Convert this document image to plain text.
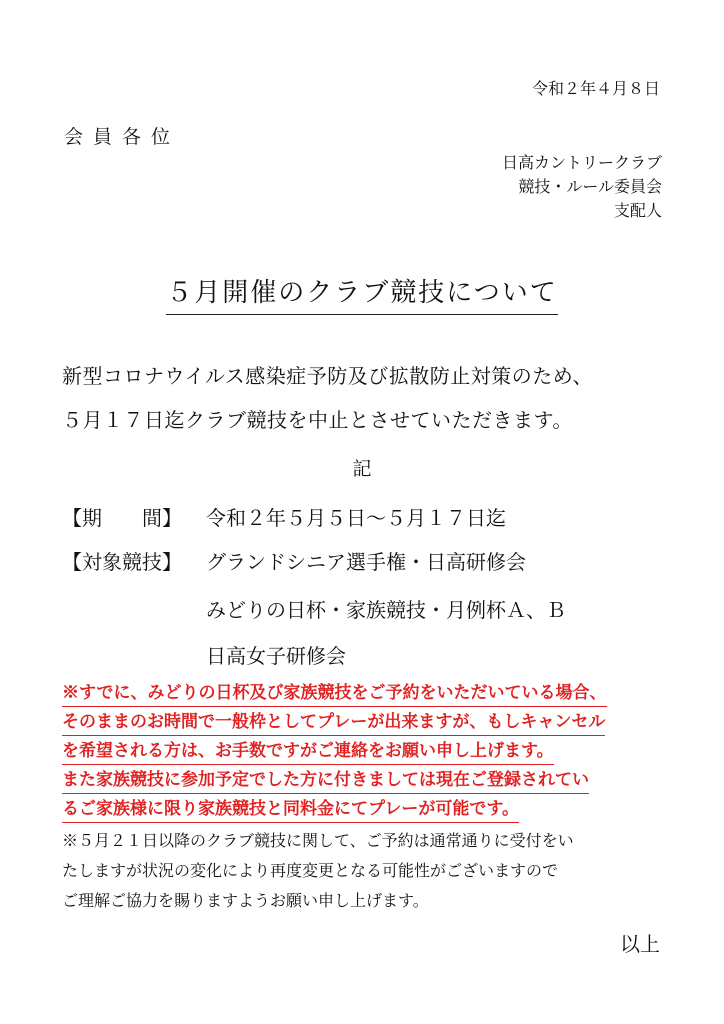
令和２年４月８日
会員各位
日高カントリークラブ
競技・ルール委員会
支配人
５月開催のクラブ競技について
新型コロナウイルス感染症予防及び拡散防止対策のため、
５月１７日迄クラブ競技を中止とさせていただきます。
記
【期　　間】 令和２年５月５日～５月１７日迄
【対象競技】 グランドシニア選手権・日高研修会
みどりの日杯・家族競技・月例杯Ａ、Ｂ
日高女子研修会
※すでに、みどりの日杯及び家族競技をご予約をいただいている場合、
そのままのお時間で一般枠としてプレーが出来ますが、もしキャンセル
を希望される方は、お手数ですがご連絡をお願い申し上げます。
また家族競技に参加予定でした方に付きましては現在ご登録されてい
るご家族様に限り家族競技と同料金にてプレーが可能です。
※５月２１日以降のクラブ競技に関して、ご予約は通常通りに受付をい
たしますが状況の変化により再度変更となる可能性がございますので
ご理解ご協力を賜りますようお願い申し上げます。
以上
